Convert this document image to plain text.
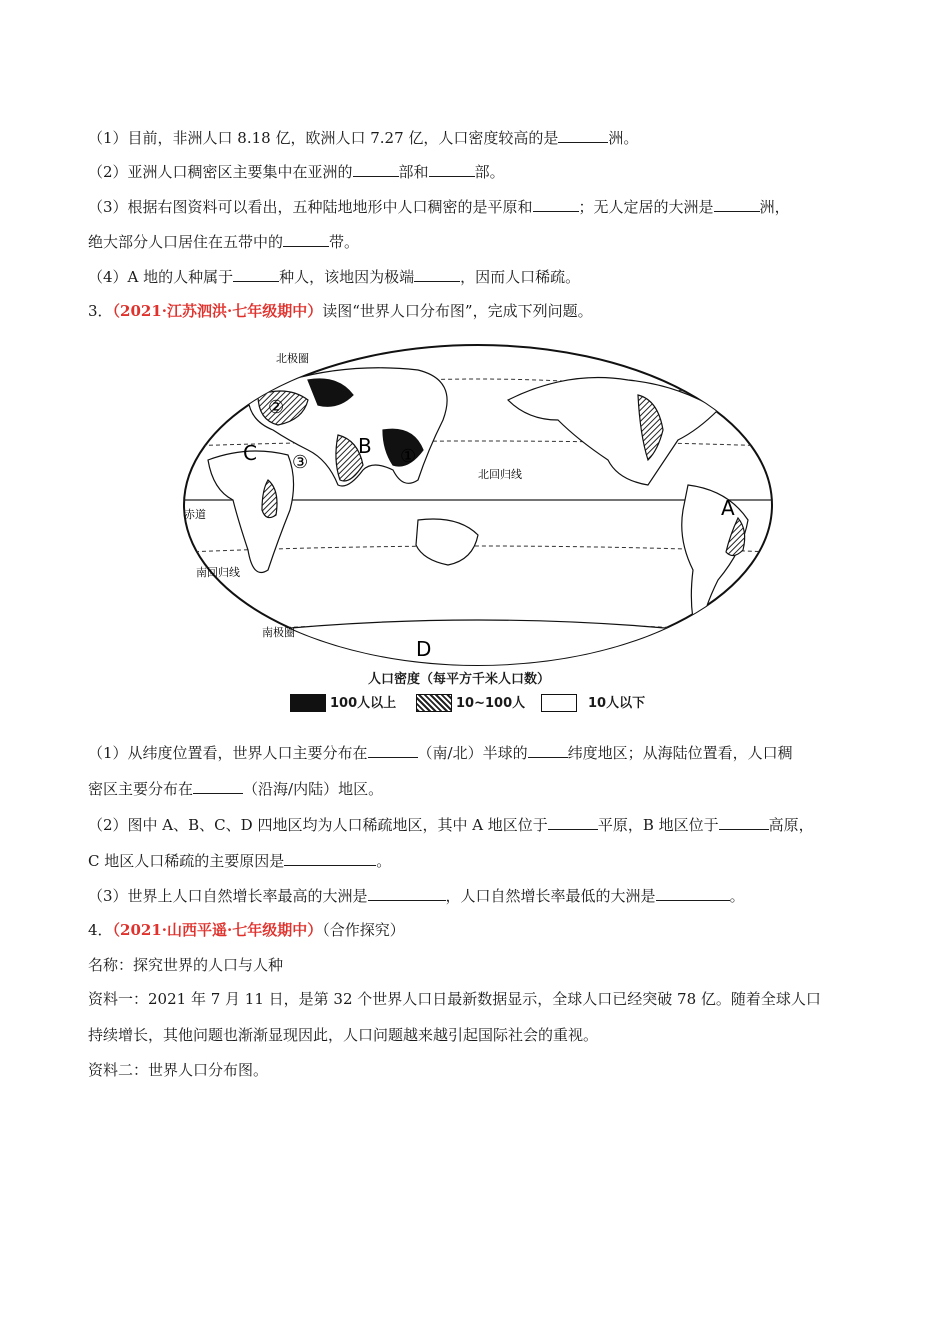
（1）目前，非洲人口 8.18 亿，欧洲人口 7.27 亿，人口密度较高的是	洲。
（2）亚洲人口稠密区主要集中在亚洲的	部和	部。
（3）根据右图资料可以看出，五种陆地地形中人口稠密的是平原和	；无人定居的大洲是	洲，
绝大部分人口居住在五带中的	带。
（4）A 地的人种属于	种人，该地因为极端	，因而人口稀疏。
3．（2021·江苏泗洪·七年级期中）读图“世界人口分布图”，完成下列问题。
北极圈
北回归线
赤道
南回归线
南极圈
C	B
A
D
①
②
③
人口密度（每平方千米人口数）
100人以上	10~100人	10人以下
（1）从纬度位置看，世界人口主要分布在	（南/北）半球的	纬度地区；从海陆位置看，人口稠
密区主要分布在	（沿海/内陆）地区。
（2）图中 A、B、C、D 四地区均为人口稀疏地区，其中 A 地区位于	平原，B 地区位于	高原，
C 地区人口稀疏的主要原因是	。
（3）世界上人口自然增长率最高的大洲是	，人口自然增长率最低的大洲是	。
4．（2021·山西平遥·七年级期中）（合作探究）
名称：探究世界的人口与人种
资料一：2021 年 7 月 11 日，是第 32 个世界人口日最新数据显示，全球人口已经突破 78 亿。随着全球人口
持续增长，其他问题也渐渐显现因此，人口问题越来越引起国际社会的重视。
资料二：世界人口分布图。
